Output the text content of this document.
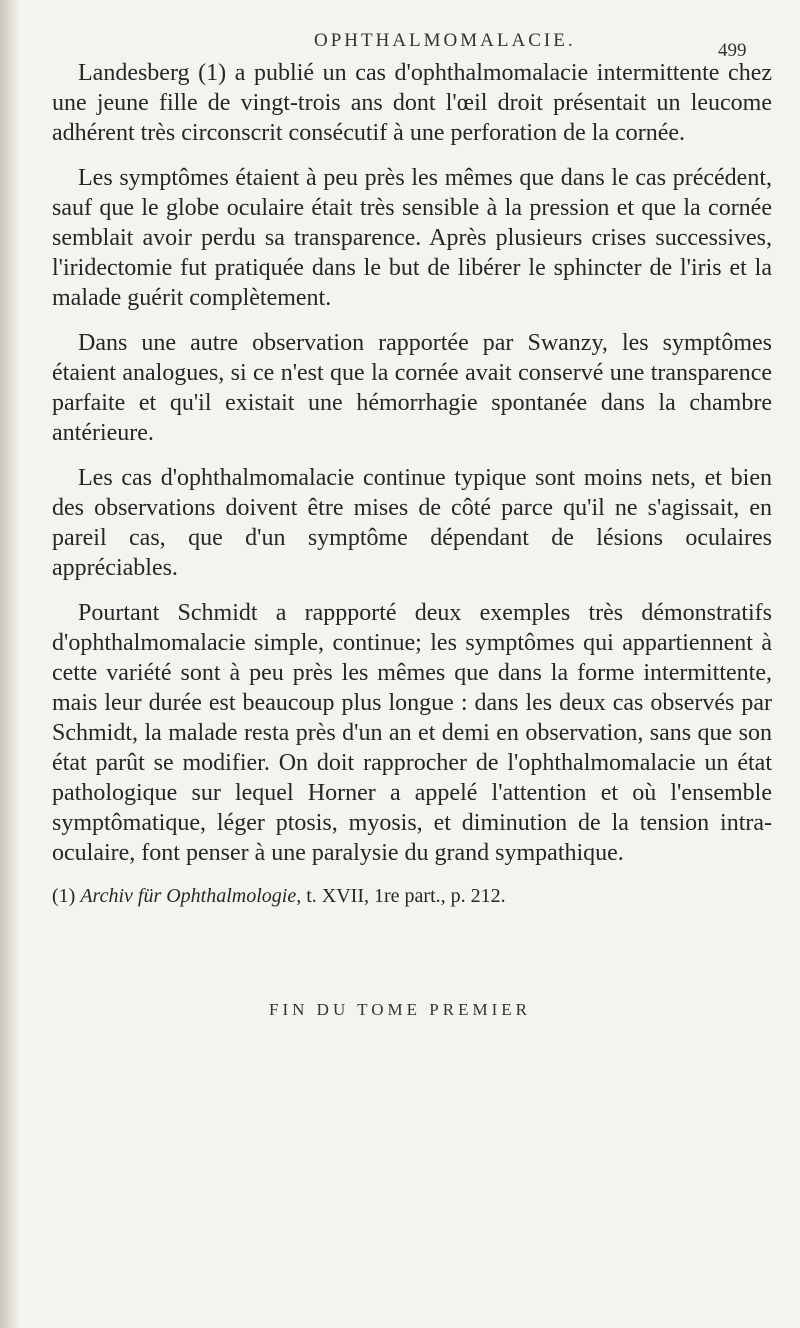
OPHTHALMOMALACIE.	499

Landesberg (1) a publié un cas d'ophthalmomalacie intermittente chez une jeune fille de vingt-trois ans dont l'œil droit présentait un leucome adhérent très circonscrit consécutif à une perforation de la cornée.

Les symptômes étaient à peu près les mêmes que dans le cas précédent, sauf que le globe oculaire était très sensible à la pression et que la cornée semblait avoir perdu sa transparence. Après plusieurs crises successives, l'iridectomie fut pratiquée dans le but de libérer le sphincter de l'iris et la malade guérit complètement.

Dans une autre observation rapportée par Swanzy, les symptômes étaient analogues, si ce n'est que la cornée avait conservé une transparence parfaite et qu'il existait une hémorrhagie spontanée dans la chambre antérieure.

Les cas d'ophthalmomalacie continue typique sont moins nets, et bien des observations doivent être mises de côté parce qu'il ne s'agissait, en pareil cas, que d'un symptôme dépendant de lésions oculaires appréciables.

Pourtant Schmidt a rappporté deux exemples très démonstratifs d'ophthalmomalacie simple, continue; les symptômes qui appartiennent à cette variété sont à peu près les mêmes que dans la forme intermittente, mais leur durée est beaucoup plus longue : dans les deux cas observés par Schmidt, la malade resta près d'un an et demi en observation, sans que son état parût se modifier. On doit rapprocher de l'ophthalmomalacie un état pathologique sur lequel Horner a appelé l'attention et où l'ensemble symptômatique, léger ptosis, myosis, et diminution de la tension intra-oculaire, font penser à une paralysie du grand sympathique.

(1) Archiv für Ophthalmologie, t. XVII, 1re part., p. 212.

FIN DU TOME PREMIER
